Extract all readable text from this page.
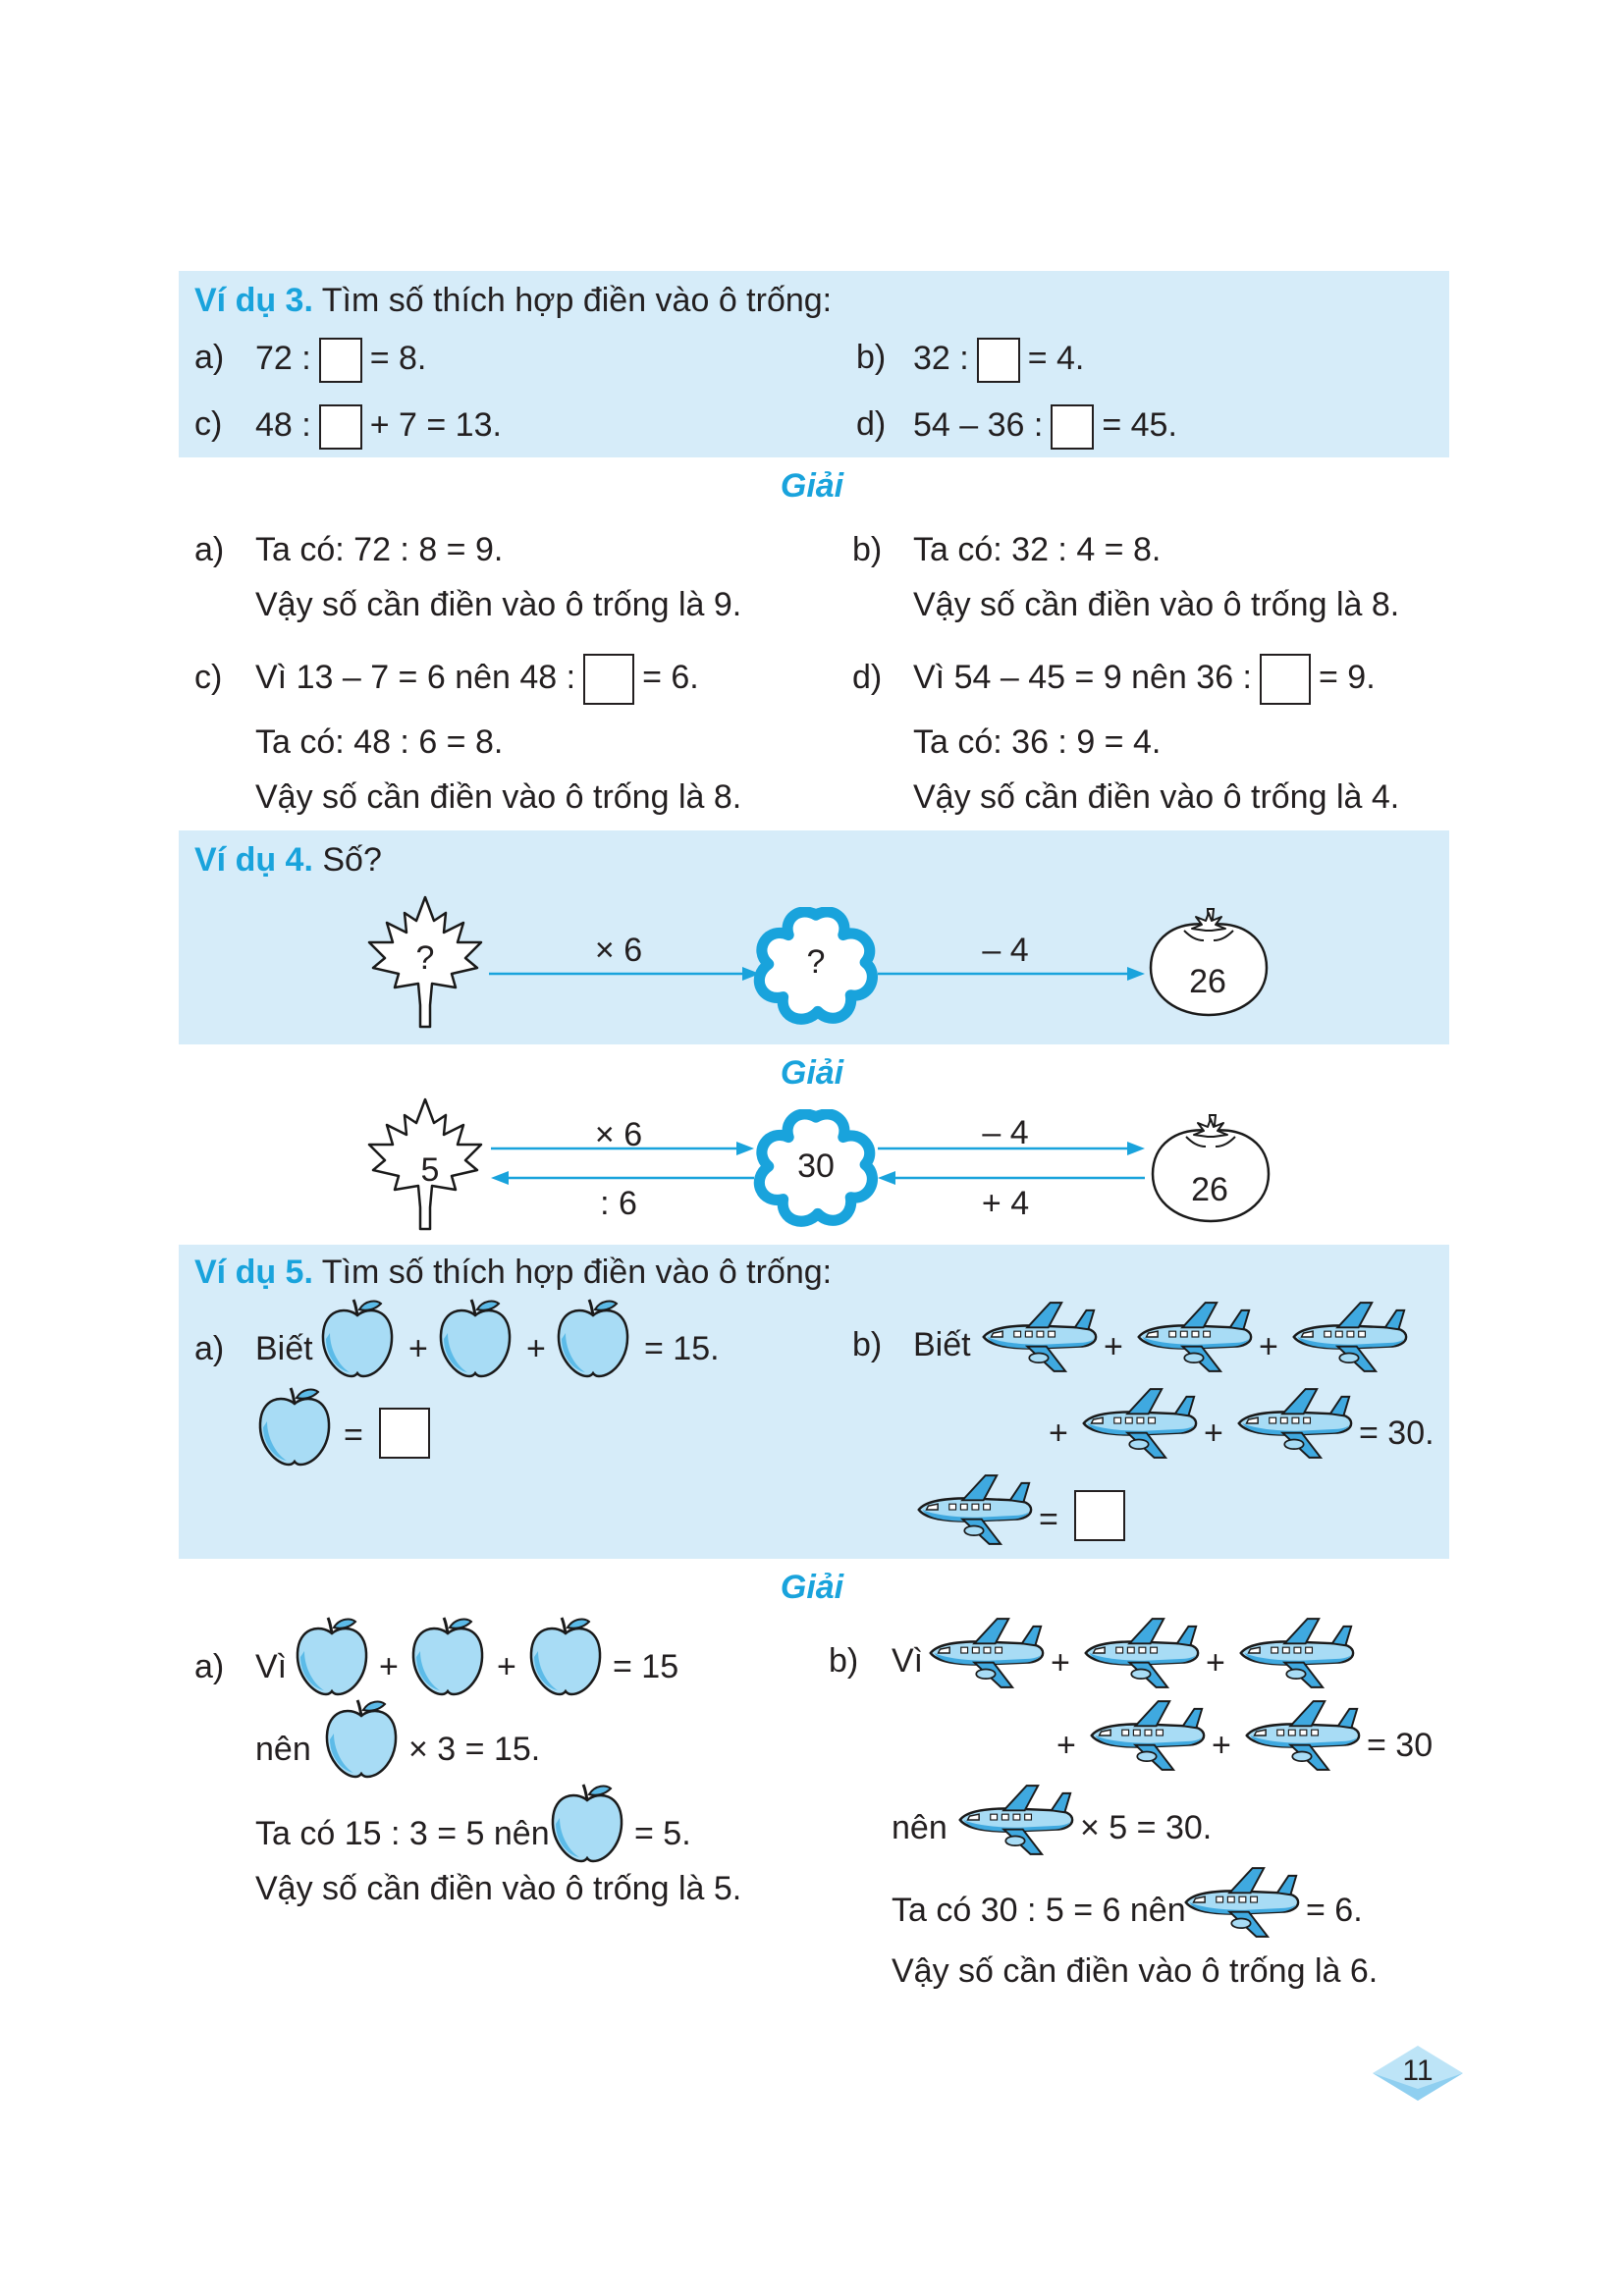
Ví dụ 3. Tìm số thích hợp điền vào ô trống:
a) 72 : = 8.	b) 32 : = 4.
c) 48 : + 7 = 13.	d) 54 – 36 : = 45.
Giải
a) Ta có: 72 : 8 = 9.
Vậy số cần điền vào ô trống là 9.
b) Ta có: 32 : 4 = 8.
Vậy số cần điền vào ô trống là 8.
c) Vì 13 – 7 = 6 nên 48 : = 6.
Ta có: 48 : 6 = 8.
Vậy số cần điền vào ô trống là 8.
d) Vì 54 – 45 = 9 nên 36 : = 9.
Ta có: 36 : 9 = 4.
Vậy số cần điền vào ô trống là 4.
Ví dụ 4. Số?
?	× 6	?	– 4
26
Giải
5
× 6
: 6
30
– 4
+ 4	26
Ví dụ 5. Tìm số thích hợp điền vào ô trống:
a) Biết	+	+	= 15.
=
b) Biết	+	+
+	+	= 30.
=
Giải
a) Vì	+	+	= 15
nên	× 3 = 15.
Ta có 15 : 3 = 5 nên	= 5.
Vậy số cần điền vào ô trống là 5.
b) Vì	+	+
+	+	= 30
nên	× 5 = 30.
Ta có 30 : 5 = 6 nên	= 6.
Vậy số cần điền vào ô trống là 6.
11
